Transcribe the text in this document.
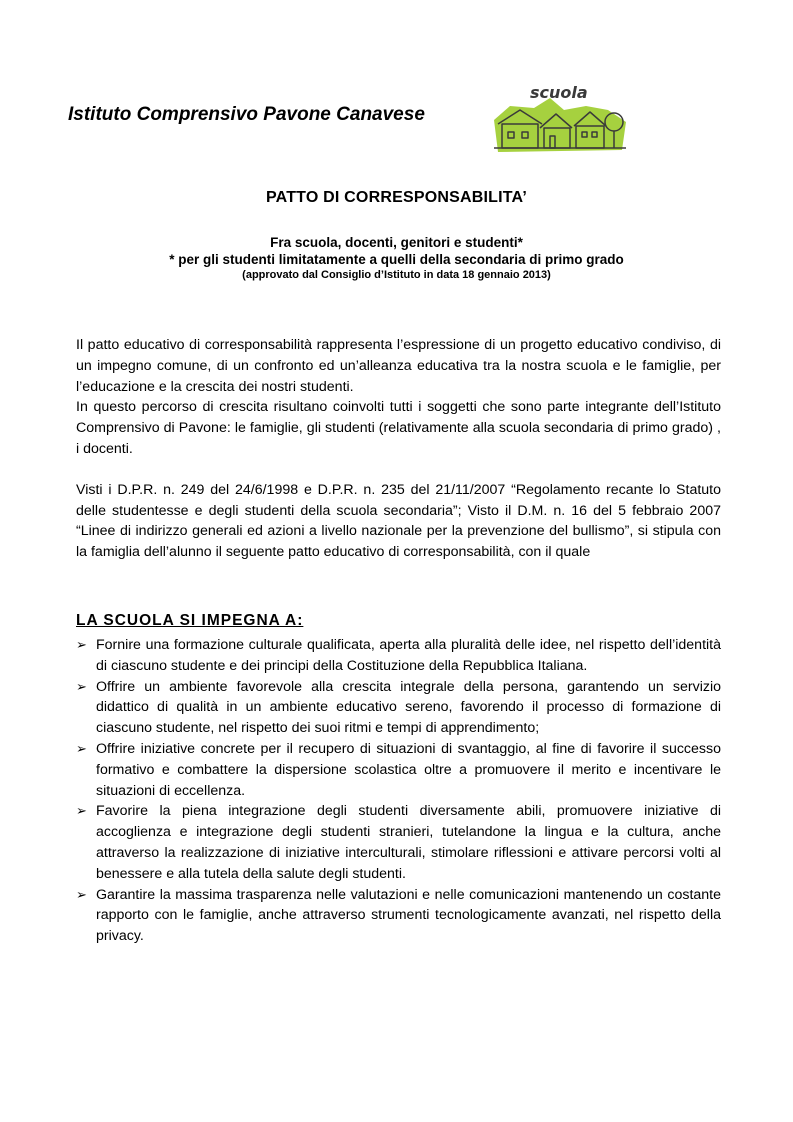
Istituto Comprensivo Pavone Canavese
scuola
PATTO DI CORRESPONSABILITA’
Fra scuola, docenti, genitori e studenti*
* per gli studenti limitatamente a quelli della secondaria di primo grado
(approvato dal Consiglio d’Istituto in data 18 gennaio 2013)

Il patto educativo di corresponsabilità rappresenta l’espressione di un progetto educativo condiviso, di un impegno comune, di un confronto ed un’alleanza educativa tra la nostra scuola e le famiglie, per l’educazione e la crescita dei nostri studenti.

In questo percorso di crescita risultano coinvolti tutti i soggetti che sono parte integrante dell’Istituto Comprensivo di Pavone: le famiglie, gli studenti (relativamente alla scuola secondaria di primo grado) , i docenti.

Visti i D.P.R. n. 249 del 24/6/1998 e D.P.R. n. 235 del 21/11/2007 “Regolamento recante lo Statuto delle studentesse e degli studenti della scuola secondaria”; Visto il D.M. n. 16 del 5 febbraio 2007 “Linee di indirizzo generali ed azioni a livello nazionale per la prevenzione del bullismo”, si stipula con la famiglia dell’alunno il seguente patto educativo di corresponsabilità, con il quale

LA SCUOLA SI IMPEGNA A:
➢ Fornire una formazione culturale qualificata, aperta alla pluralità delle idee, nel rispetto dell’identità di ciascuno studente e dei principi della Costituzione della Repubblica Italiana.
➢ Offrire un ambiente favorevole alla crescita integrale della persona, garantendo un servizio didattico di qualità in un ambiente educativo sereno, favorendo il processo di formazione di ciascuno studente, nel rispetto dei suoi ritmi e tempi di apprendimento;
➢ Offrire iniziative concrete per il recupero di situazioni di svantaggio, al fine di favorire il successo formativo e combattere la dispersione scolastica oltre a promuovere il merito e incentivare le situazioni di eccellenza.
➢ Favorire la piena integrazione degli studenti diversamente abili, promuovere iniziative di accoglienza e integrazione degli studenti stranieri, tutelandone la lingua e la cultura, anche attraverso la realizzazione di iniziative interculturali, stimolare riflessioni e attivare percorsi volti al benessere e alla tutela della salute degli studenti.
➢ Garantire la massima trasparenza nelle valutazioni e nelle comunicazioni mantenendo un costante rapporto con le famiglie, anche attraverso strumenti tecnologicamente avanzati, nel rispetto della privacy.
